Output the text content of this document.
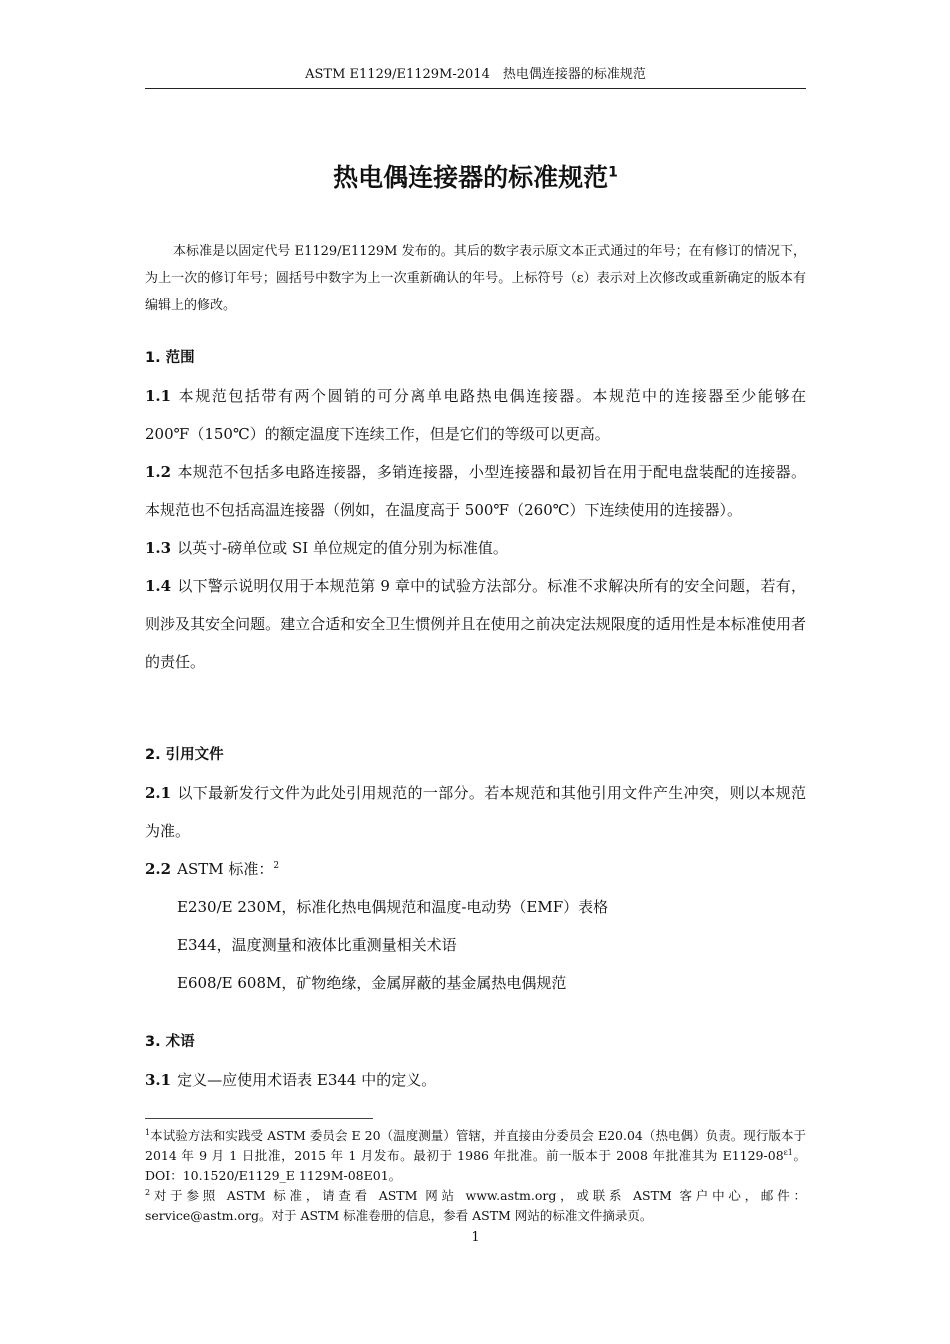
ASTM E1129/E1129M-2014　热电偶连接器的标准规范
热电偶连接器的标准规范$^1$
本标准是以固定代号 E1129/E1129M 发布的。其后的数字表示原文本正式通过的年号；在有修订的情况下，为上一次的修订年号；圆括号中数字为上一次重新确认的年号。上标符号（ε）表示对上次修改或重新确定的版本有编辑上的修改。
1. 范围
1.1 本规范包括带有两个圆销的可分离单电路热电偶连接器。本规范中的连接器至少能够在200℉（150℃）的额定温度下连续工作，但是它们的等级可以更高。
1.2 本规范不包括多电路连接器，多销连接器，小型连接器和最初旨在用于配电盘装配的连接器。本规范也不包括高温连接器（例如，在温度高于 500℉（260℃）下连续使用的连接器）。
1.3 以英寸-磅单位或 SI 单位规定的值分别为标准值。
1.4 以下警示说明仅用于本规范第 9 章中的试验方法部分。标准不求解决所有的安全问题，若有，则涉及其安全问题。建立合适和安全卫生惯例并且在使用之前决定法规限度的适用性是本标准使用者的责任。
2. 引用文件
2.1 以下最新发行文件为此处引用规范的一部分。若本规范和其他引用文件产生冲突，则以本规范为准。
2.2 ASTM 标准：$^2$
E230/E 230M，标准化热电偶规范和温度-电动势（EMF）表格
E344，温度测量和液体比重测量相关术语
E608/E 608M，矿物绝缘，金属屏蔽的基金属热电偶规范
3. 术语
3.1 定义—应使用术语表 E344 中的定义。
$^1$本试验方法和实践受 ASTM 委员会 E 20（温度测量）管辖，并直接由分委员会 E20.04（热电偶）负责。现行版本于 2014 年 9 月 1 日批准，2015 年 1 月发布。最初于 1986 年批准。前一版本于 2008 年批准其为 $E1129-08^{\varepsilon 1}$。DOI：10.1520/E1129_E 1129M-08E01。
$^2$对于参照 ASTM 标准，请查看 ASTM 网站 www.astm.org，或联系 ASTM 客户中心，邮件：service@astm.org。对于 ASTM 标准卷册的信息，参看 ASTM 网站的标准文件摘录页。
1
